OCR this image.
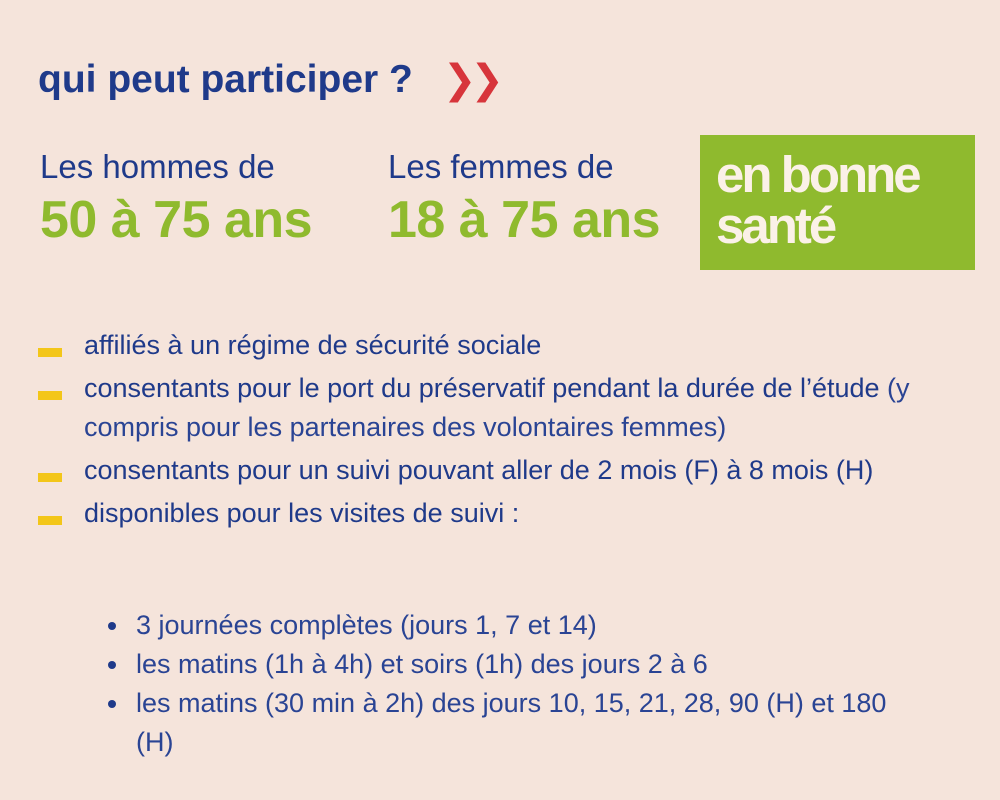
qui peut participer ? ❯❯
Les hommes de
50 à 75 ans
Les femmes de
18 à 75 ans
en bonne
santé
affiliés à un régime de sécurité sociale
consentants pour le port du préservatif pendant la durée de l’étude (y compris pour les partenaires des volontaires femmes)
consentants pour un suivi pouvant aller de 2 mois (F) à 8 mois (H)
disponibles pour les visites de suivi :
3 journées complètes (jours 1, 7 et 14)
les matins (1h à 4h) et soirs (1h) des jours 2 à 6
les matins (30 min à 2h) des jours 10, 15, 21, 28, 90 (H) et 180 (H)
